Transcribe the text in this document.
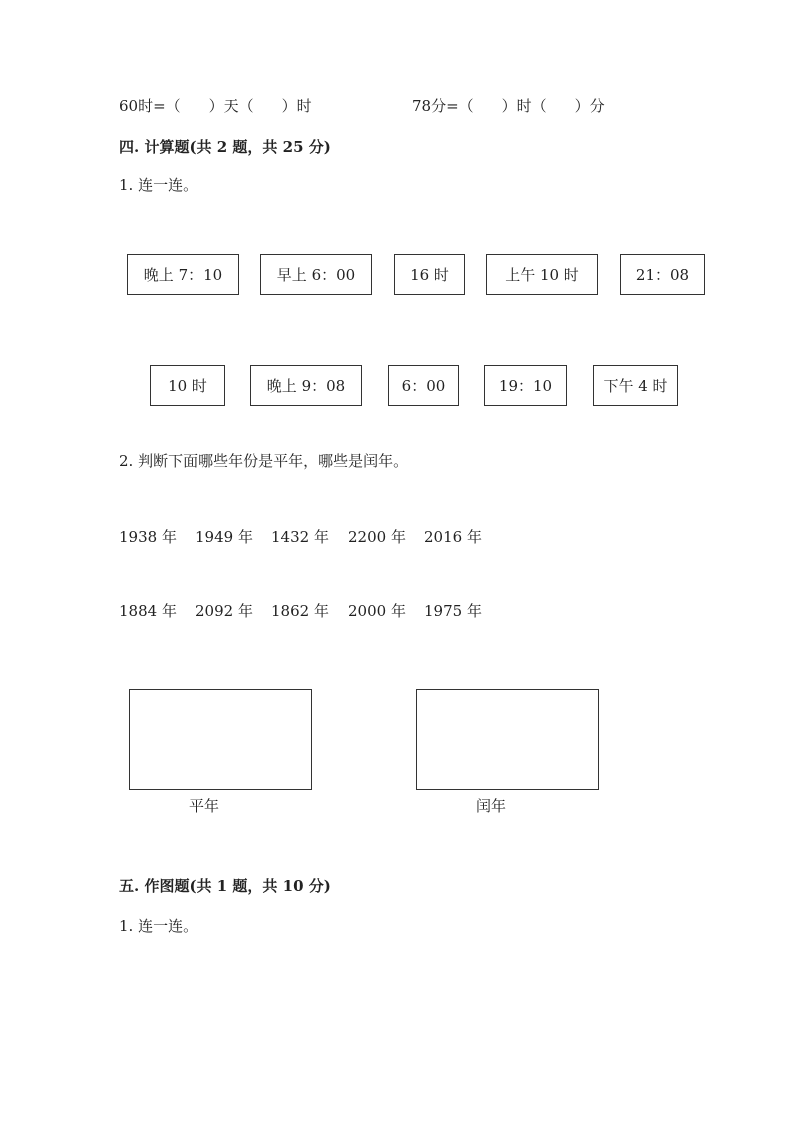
60时=（ ）天（ ）时	78分=（ ）时（ ）分
四. 计算题(共 2 题，共 25 分)
1. 连一连。
晚上 7：10	早上 6：00	16 时	上午 10 时	21：08
10 时	晚上 9：08	6：00	19：10	下午 4 时
2. 判断下面哪些年份是平年，哪些是闰年。
1938 年 1949 年 1432 年 2200 年 2016 年
1884 年 2092 年 1862 年 2000 年 1975 年
平年	闰年
五. 作图题(共 1 题，共 10 分)
1. 连一连。
